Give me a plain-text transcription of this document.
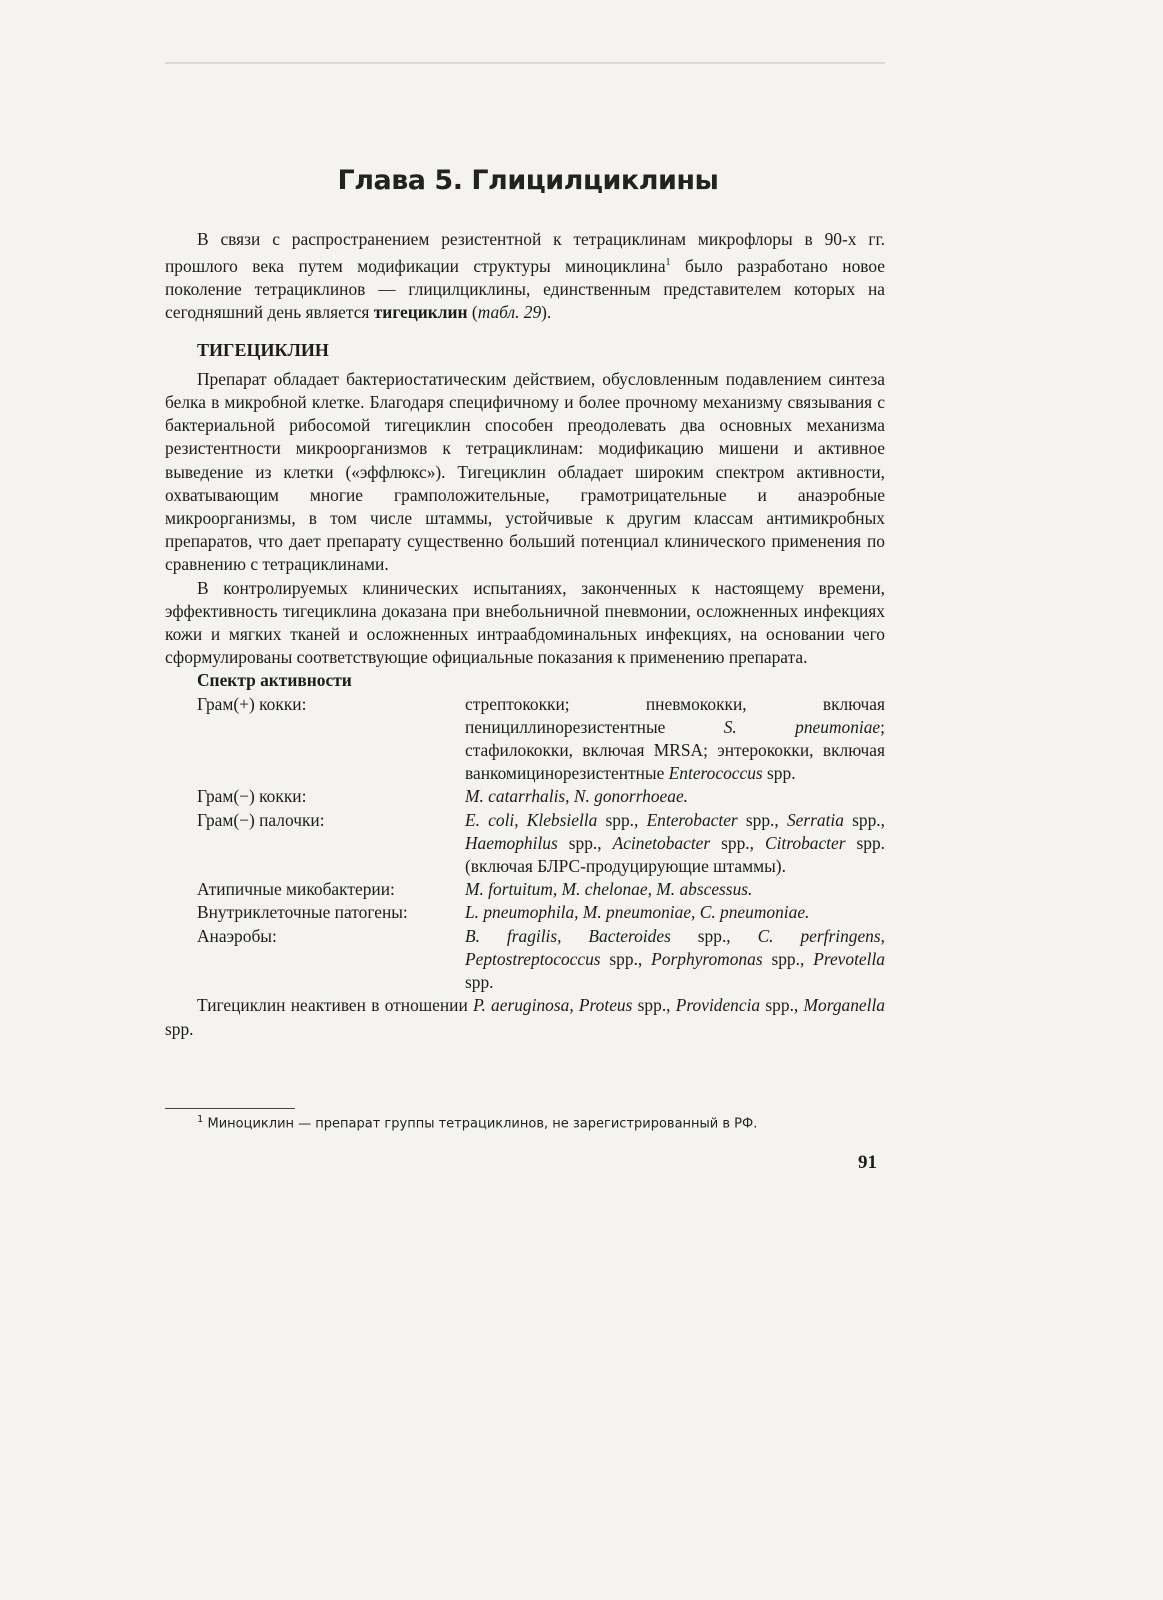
Глава 5. Глицилциклины

В связи с распространением резистентной к тетрациклинам микрофлоры в 90-х гг. прошлого века путем модификации структуры миноциклина$^1$ было разработано новое поколение тетрациклинов — глицилциклины, единственным представителем которых на сегодняшний день является тигециклин (табл. 29).

ТИГЕЦИКЛИН

Препарат обладает бактериостатическим действием, обусловленным подавлением синтеза белка в микробной клетке. Благодаря специфичному и более прочному механизму связывания с бактериальной рибосомой тигециклин способен преодолевать два основных механизма резистентности микроорганизмов к тетрациклинам: модификацию мишени и активное выведение из клетки («эффлюкс»). Тигециклин обладает широким спектром активности, охватывающим многие грамположительные, грамотрицательные и анаэробные микроорганизмы, в том числе штаммы, устойчивые к другим классам антимикробных препаратов, что дает препарату существенно больший потенциал клинического применения по сравнению с тетрациклинами.

В контролируемых клинических испытаниях, законченных к настоящему времени, эффективность тигециклина доказана при внебольничной пневмонии, осложненных инфекциях кожи и мягких тканей и осложненных интраабдоминальных инфекциях, на основании чего сформулированы соответствующие официальные показания к применению препарата.

Спектр активности
Грам(+) кокки:	стрептококки; пневмококки, включая пенициллинорезистентные S. pneumoniae; стафилококки, включая MRSA; энтерококки, включая ванкомицинорезистентные Enterococcus spp.
Грам(−) кокки:	M. catarrhalis, N. gonorrhoeae.
Грам(−) палочки:	E. coli, Klebsiella spp., Enterobacter spp., Serratia spp., Haemophilus spp., Acinetobacter spp., Citrobacter spp. (включая БЛРС-продуцирующие штаммы).
Атипичные микобактерии:	M. fortuitum, M. chelonae, M. abscessus.
Внутриклеточные патогены:	L. pneumophila, M. pneumoniae, C. pneumoniae.
Анаэробы:	B. fragilis, Bacteroides spp., C. perfringens, Peptostreptococcus spp., Porphyromonas spp., Prevotella spp.

Тигециклин неактивен в отношении P. aeruginosa, Proteus spp., Providencia spp., Morganella spp.

$^1$ Миноциклин — препарат группы тетрациклинов, не зарегистрированный в РФ.
91
